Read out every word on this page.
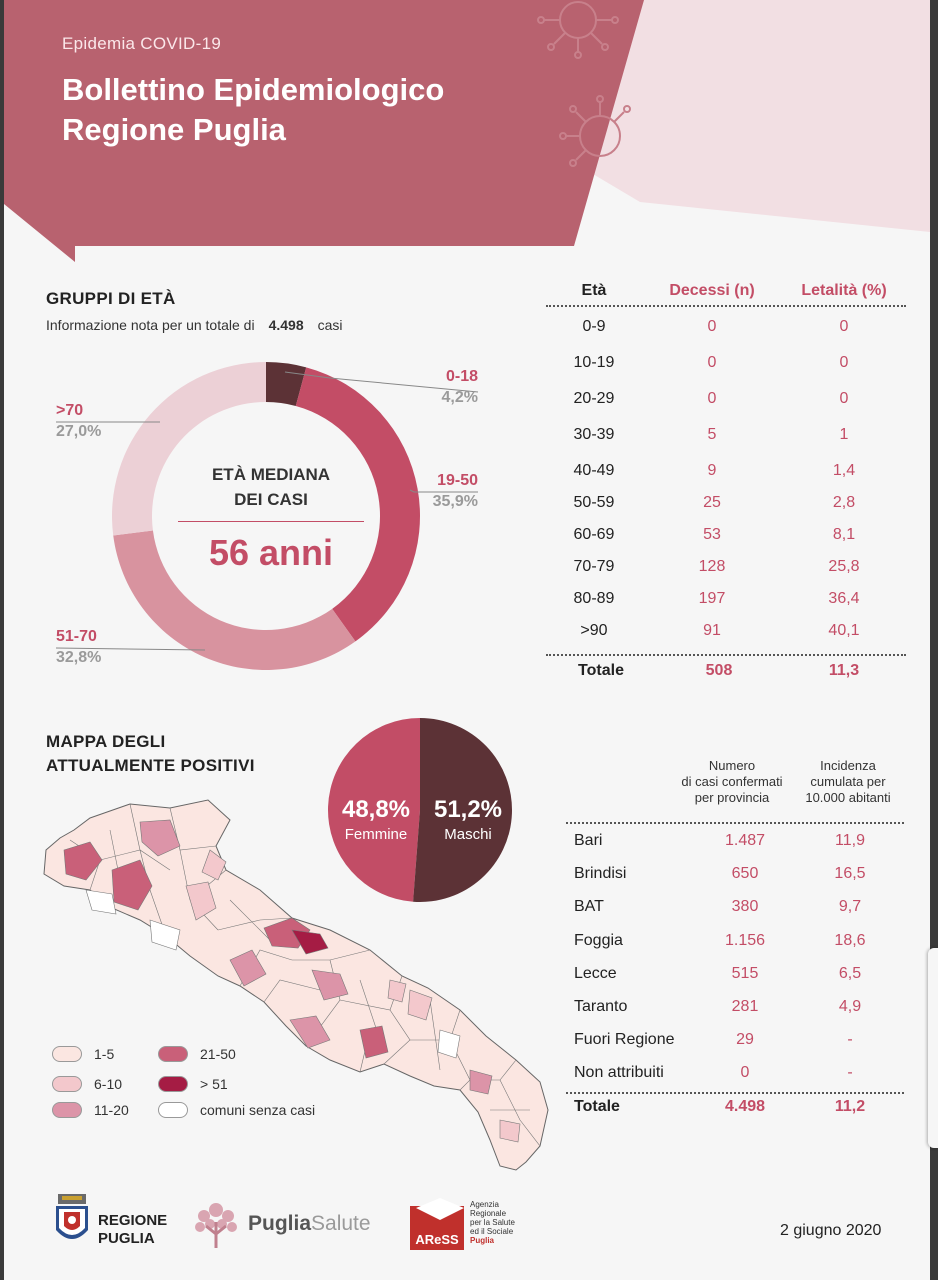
Epidemia COVID-19
Bollettino Epidemiologico
Regione Puglia
GRUPPI DI ETÀ
Informazione nota per un totale di 4.498 casi
0-18
4,2%
19-50
35,9%
51-70
32,8%
>70
27,0%
ETÀ MEDIANA
DEI CASI
56 anni
Età	Decessi (n)	Letalità (%)
0-9	0	0
10-19	0	0
20-29	0	0
30-39	5	1
40-49	9	1,4
50-59	25	2,8
60-69	53	8,1
70-79	128	25,8
80-89	197	36,4
>90	91	40,1
Totale	508	11,3
MAPPA DEGLI
ATTUALMENTE POSITIVI
1-5	21-50
6-10	> 51
11-20	comuni senza casi
48,8%
Femmine
51,2%
Maschi
Numero
di casi confermati
per provincia
Incidenza
cumulata per
10.000 abitanti
Bari	1.487	11,9
Brindisi	650	16,5
BAT	380	9,7
Foggia	1.156	18,6
Lecce	515	6,5
Taranto	281	4,9
Fuori Regione	29	-
Non attribuiti	0	-
Totale	4.498	11,2
REGIONE
PUGLIA
PugliaSalute
AReSS
Agenzia
Regionale
per la Salute
ed il Sociale
Puglia
2 giugno 2020
